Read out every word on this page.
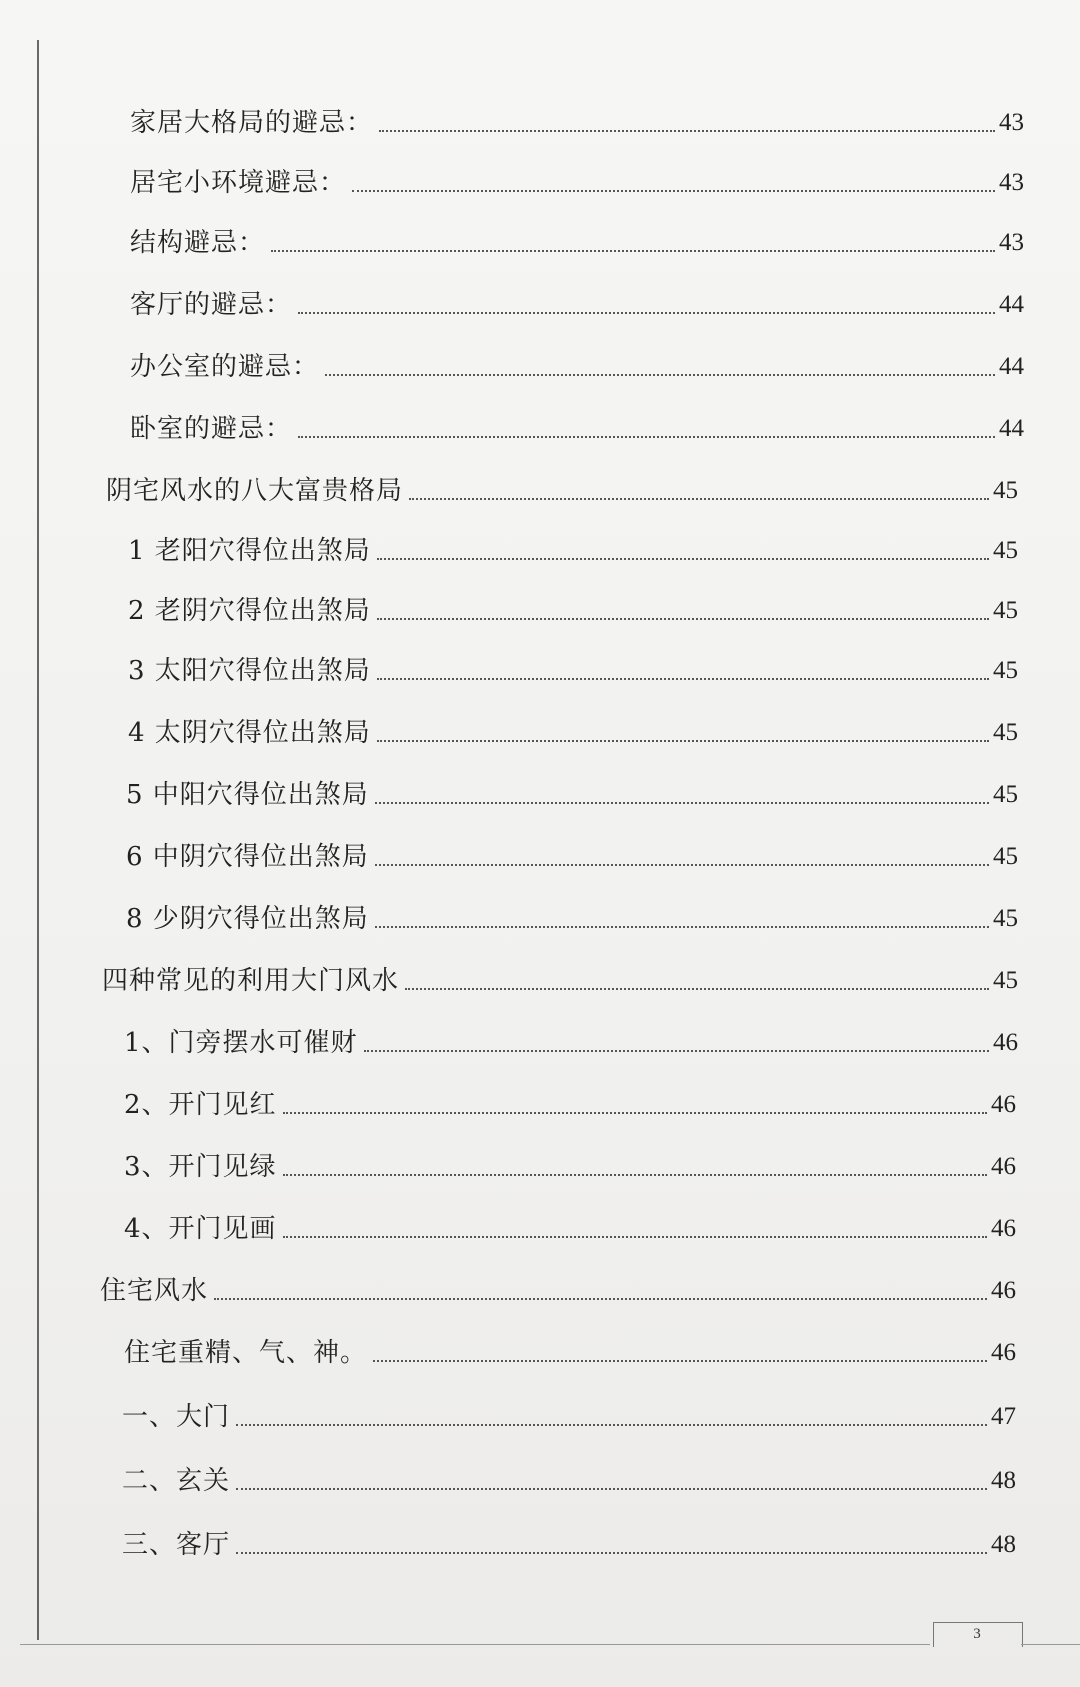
家居大格局的避忌：	43
居宅小环境避忌：	43
结构避忌：	43
客厅的避忌：	44
办公室的避忌：	44
卧室的避忌：	44
阴宅风水的八大富贵格局	45
1 老阳穴得位出煞局	45
2 老阴穴得位出煞局	45
3 太阳穴得位出煞局	45
4 太阴穴得位出煞局	45
5 中阳穴得位出煞局	45
6 中阴穴得位出煞局	45
8 少阴穴得位出煞局	45
四种常见的利用大门风水	45
1、门旁摆水可催财	46
2、开门见红	46
3、开门见绿	46
4、开门见画	46
住宅风水	46
住宅重精、气、神。	46
一、大门	47
二、玄关	48
三、客厅	48
3
